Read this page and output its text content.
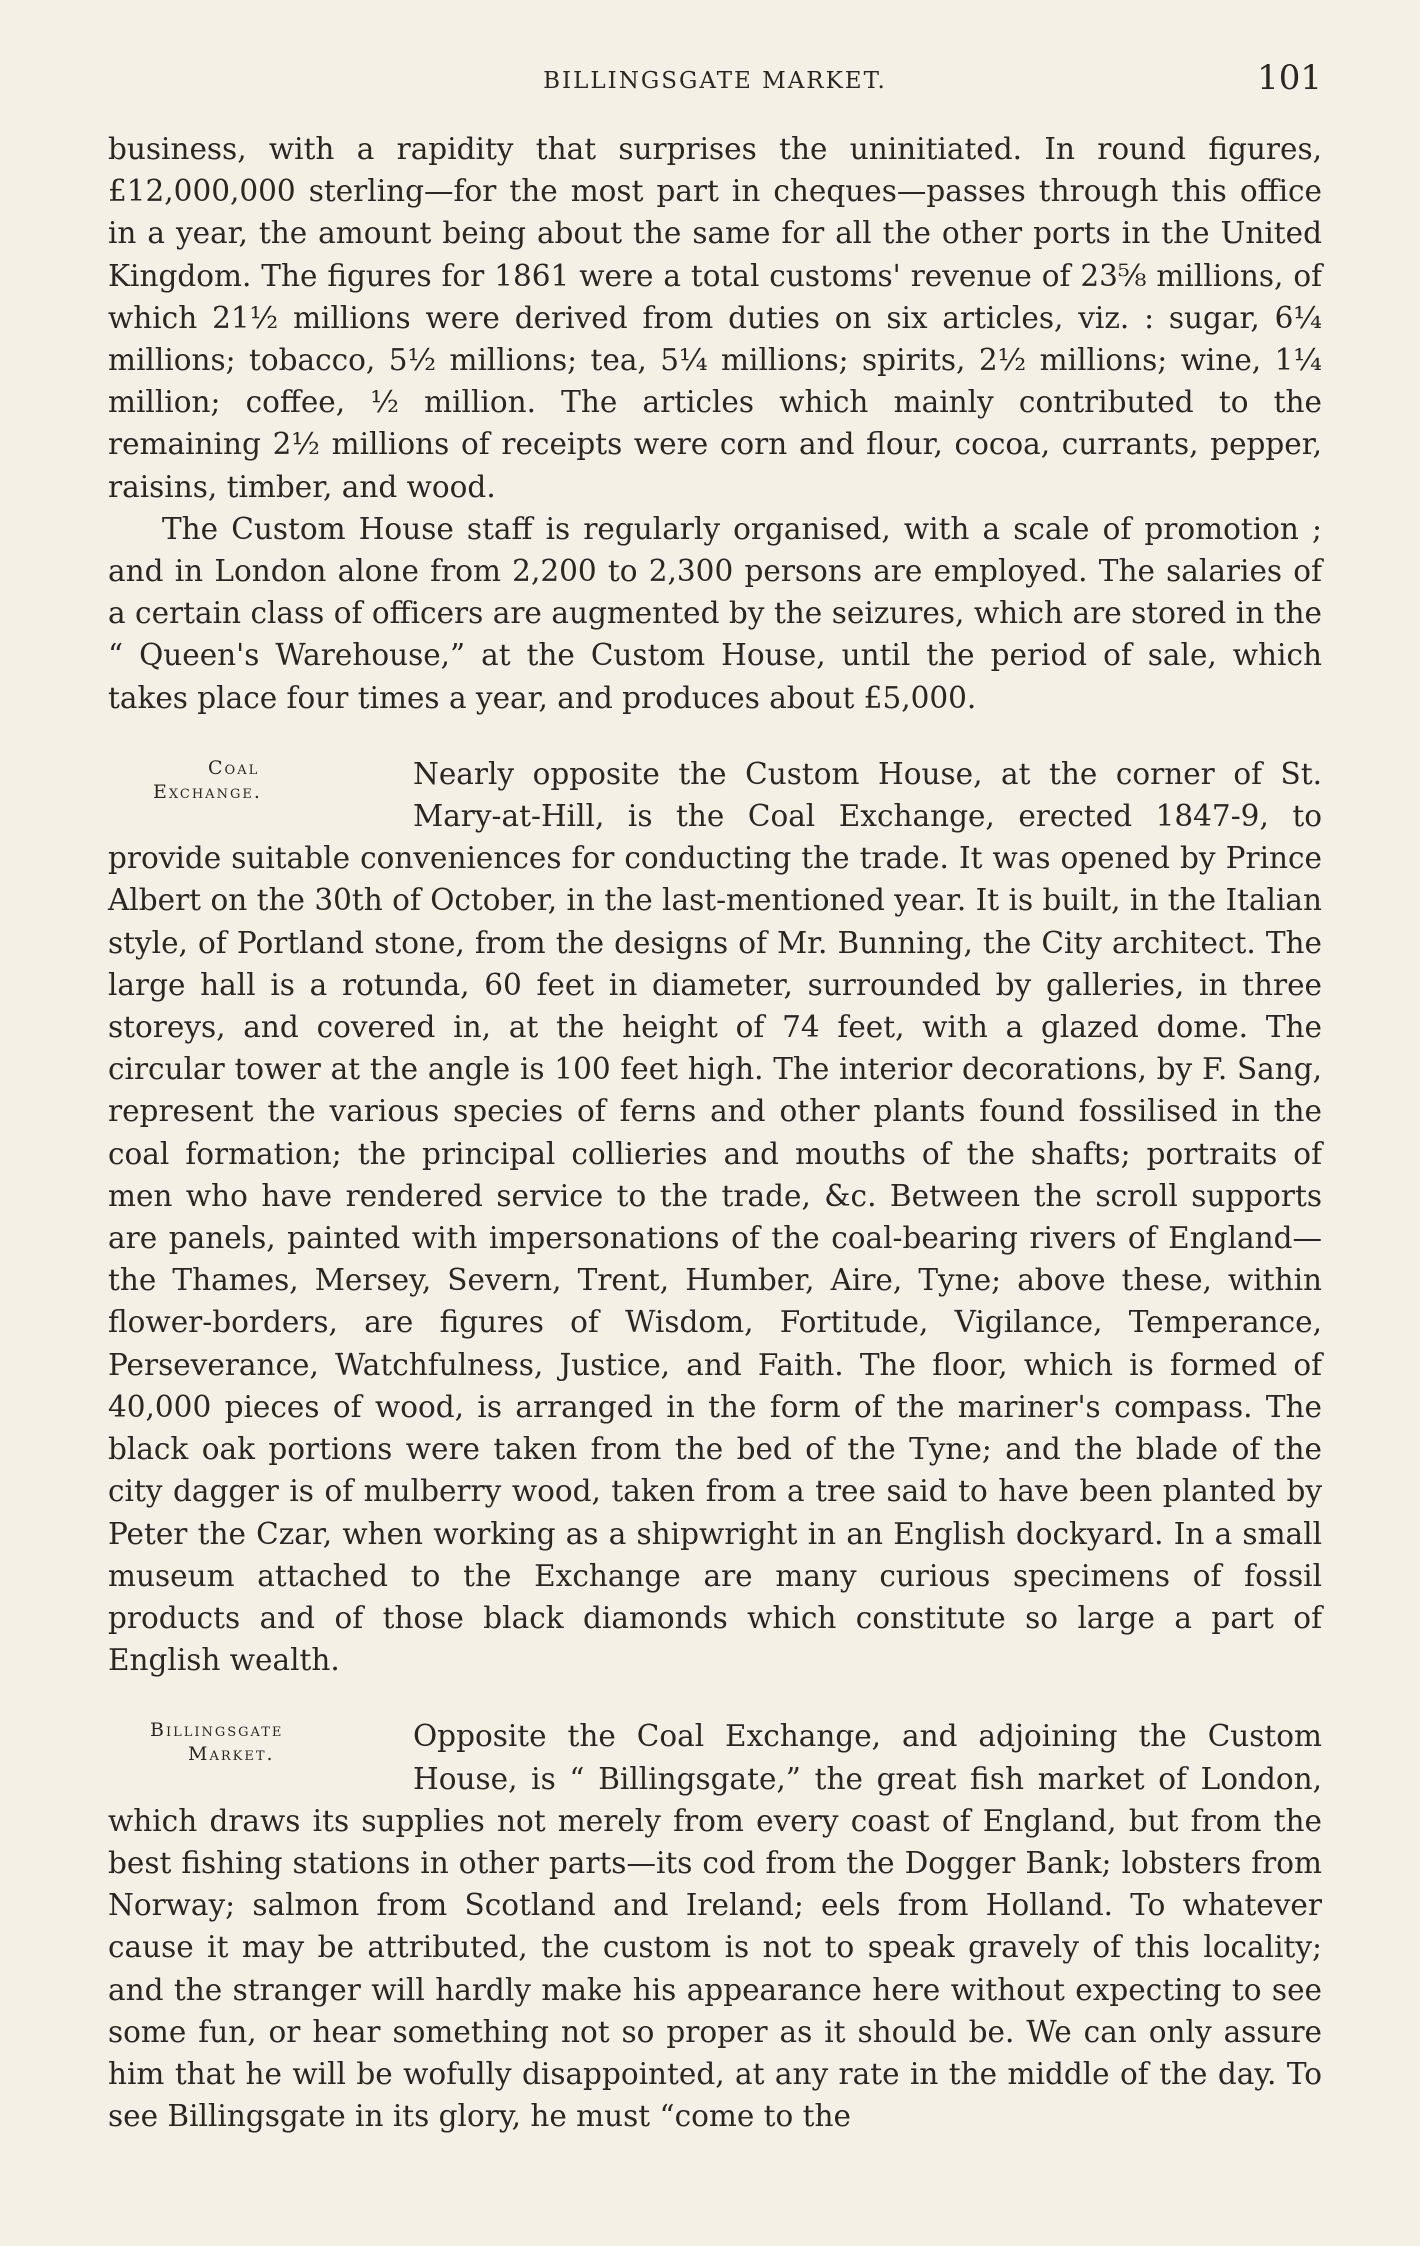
BILLINGSGATE MARKET.	101

business, with a rapidity that surprises the uninitiated. In round figures, £12,000,000 sterling—for the most part in cheques—passes through this office in a year, the amount being about the same for all the other ports in the United Kingdom. The figures for 1861 were a total customs' revenue of 23⅝ millions, of which 21½ millions were derived from duties on six articles, viz. : sugar, 6¼ millions; tobacco, 5½ millions; tea, 5¼ millions; spirits, 2½ millions; wine, 1¼ million; coffee, ½ million. The articles which mainly contributed to the remaining 2½ millions of receipts were corn and flour, cocoa, currants, pepper, raisins, timber, and wood.

The Custom House staff is regularly organised, with a scale of promotion ; and in London alone from 2,200 to 2,300 persons are employed. The salaries of a certain class of officers are augmented by the seizures, which are stored in the “ Queen's Warehouse,” at the Custom House, until the period of sale, which takes place four times a year, and produces about £5,000.

Coal
Exchange.

Nearly opposite the Custom House, at the corner of St. Mary-at-Hill, is the Coal Exchange, erected 1847-9, to provide suitable conveniences for conducting the trade. It was opened by Prince Albert on the 30th of October, in the last-mentioned year. It is built, in the Italian style, of Portland stone, from the designs of Mr. Bunning, the City architect. The large hall is a rotunda, 60 feet in diameter, surrounded by galleries, in three storeys, and covered in, at the height of 74 feet, with a glazed dome. The circular tower at the angle is 100 feet high. The interior decorations, by F. Sang, represent the various species of ferns and other plants found fossilised in the coal formation; the principal collieries and mouths of the shafts; portraits of men who have rendered service to the trade, &c. Between the scroll supports are panels, painted with impersonations of the coal-bearing rivers of England—the Thames, Mersey, Severn, Trent, Humber, Aire, Tyne; above these, within flower-borders, are figures of Wisdom, Fortitude, Vigilance, Temperance, Perseverance, Watchfulness, Justice, and Faith. The floor, which is formed of 40,000 pieces of wood, is arranged in the form of the mariner's compass. The black oak portions were taken from the bed of the Tyne; and the blade of the city dagger is of mulberry wood, taken from a tree said to have been planted by Peter the Czar, when working as a shipwright in an English dockyard. In a small museum attached to the Exchange are many curious specimens of fossil products and of those black diamonds which constitute so large a part of English wealth.

Billingsgate
Market.

Opposite the Coal Exchange, and adjoining the Custom House, is “ Billingsgate,” the great fish market of London, which draws its supplies not merely from every coast of England, but from the best fishing stations in other parts—its cod from the Dogger Bank; lobsters from Norway; salmon from Scotland and Ireland; eels from Holland. To whatever cause it may be attributed, the custom is not to speak gravely of this locality; and the stranger will hardly make his appearance here without expecting to see some fun, or hear something not so proper as it should be. We can only assure him that he will be wofully disappointed, at any rate in the middle of the day. To see Billingsgate in its glory, he must “come to the
